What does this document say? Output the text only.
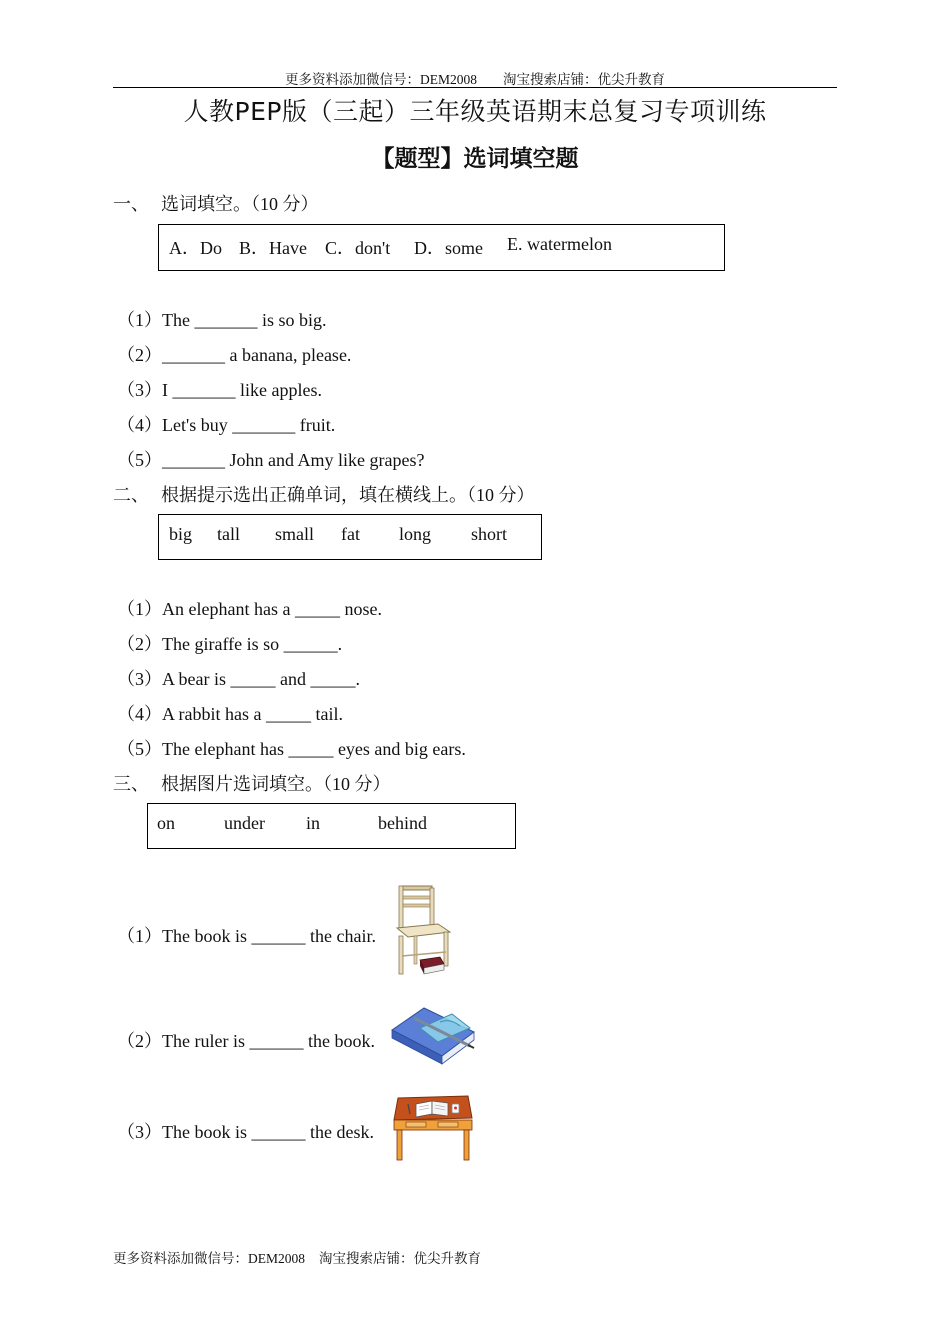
更多资料添加微信号：DEM2008 淘宝搜索店铺：优尖升教育
人教PEP版（三起）三年级英语期末总复习专项训练
【题型】选词填空题
一、 选词填空。（10 分）
A．Do B．Have C．don't D．some E. watermelon
（1）The _______ is so big.
（2）_______ a banana, please.
（3）I _______ like apples.
（4）Let's buy _______ fruit.
（5）_______ John and Amy like grapes?
二、 根据提示选出正确单词，填在横线上。（10 分）
big tall small fat long short
（1）An elephant has a _____ nose.
（2）The giraffe is so ______.
（3）A bear is _____ and _____.
（4）A rabbit has a _____ tail.
（5）The elephant has _____ eyes and big ears.
三、 根据图片选词填空。（10 分）
on	under in	behind
（1）The book is ______ the chair.
（2）The ruler is ______ the book.
（3）The book is ______ the desk.
更多资料添加微信号：DEM2008 淘宝搜索店铺：优尖升教育
